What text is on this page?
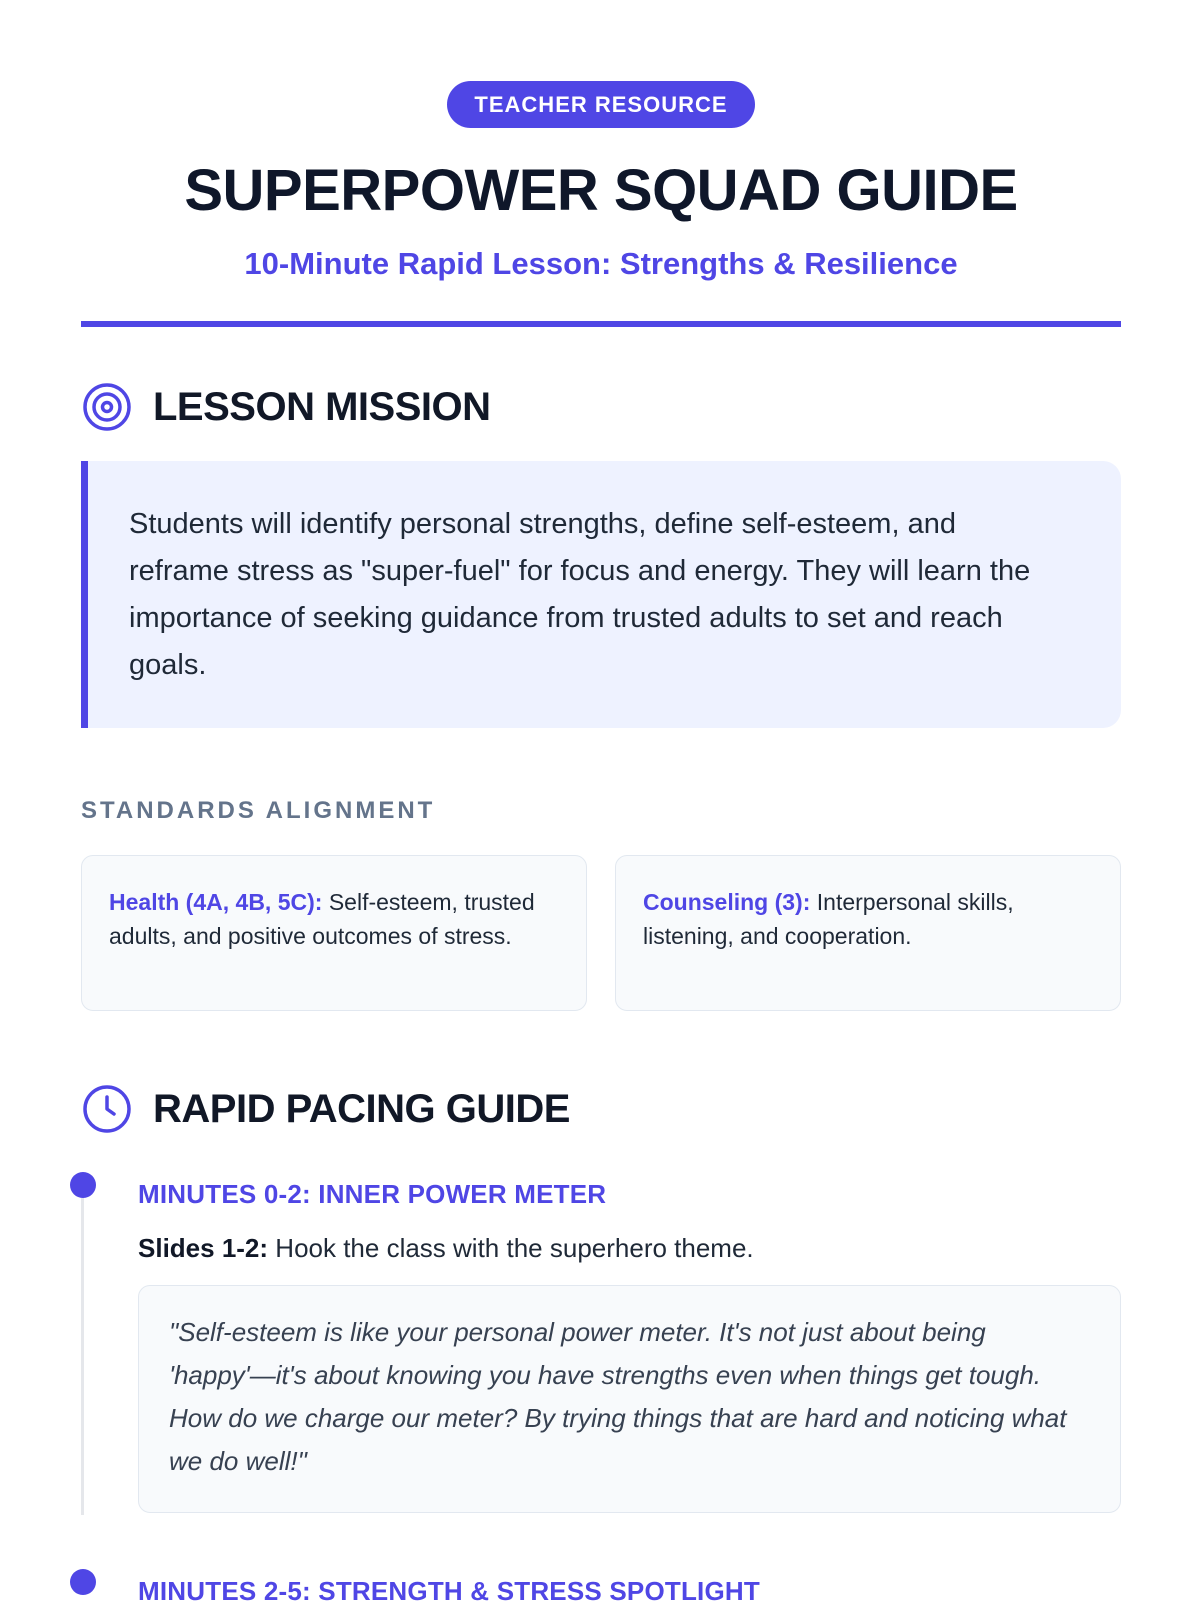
TEACHER RESOURCE
SUPERPOWER SQUAD GUIDE
10-Minute Rapid Lesson: Strengths & Resilience
LESSON MISSION

Students will identify personal strengths, define self-esteem, and reframe stress as "super-fuel" for focus and energy. They will learn the importance of seeking guidance from trusted adults to set and reach goals.

STANDARDS ALIGNMENT
Health (4A, 4B, 5C): Self-esteem, trusted adults, and positive outcomes of stress.
Counseling (3): Interpersonal skills, listening, and cooperation.
RAPID PACING GUIDE
MINUTES 0-2: INNER POWER METER
Slides 1-2: Hook the class with the superhero theme.
"Self-esteem is like your personal power meter. It's not just about being 'happy'—it's about knowing you have strengths even when things get tough. How do we charge our meter? By trying things that are hard and noticing what we do well!"
MINUTES 2-5: STRENGTH & STRESS SPOTLIGHT
